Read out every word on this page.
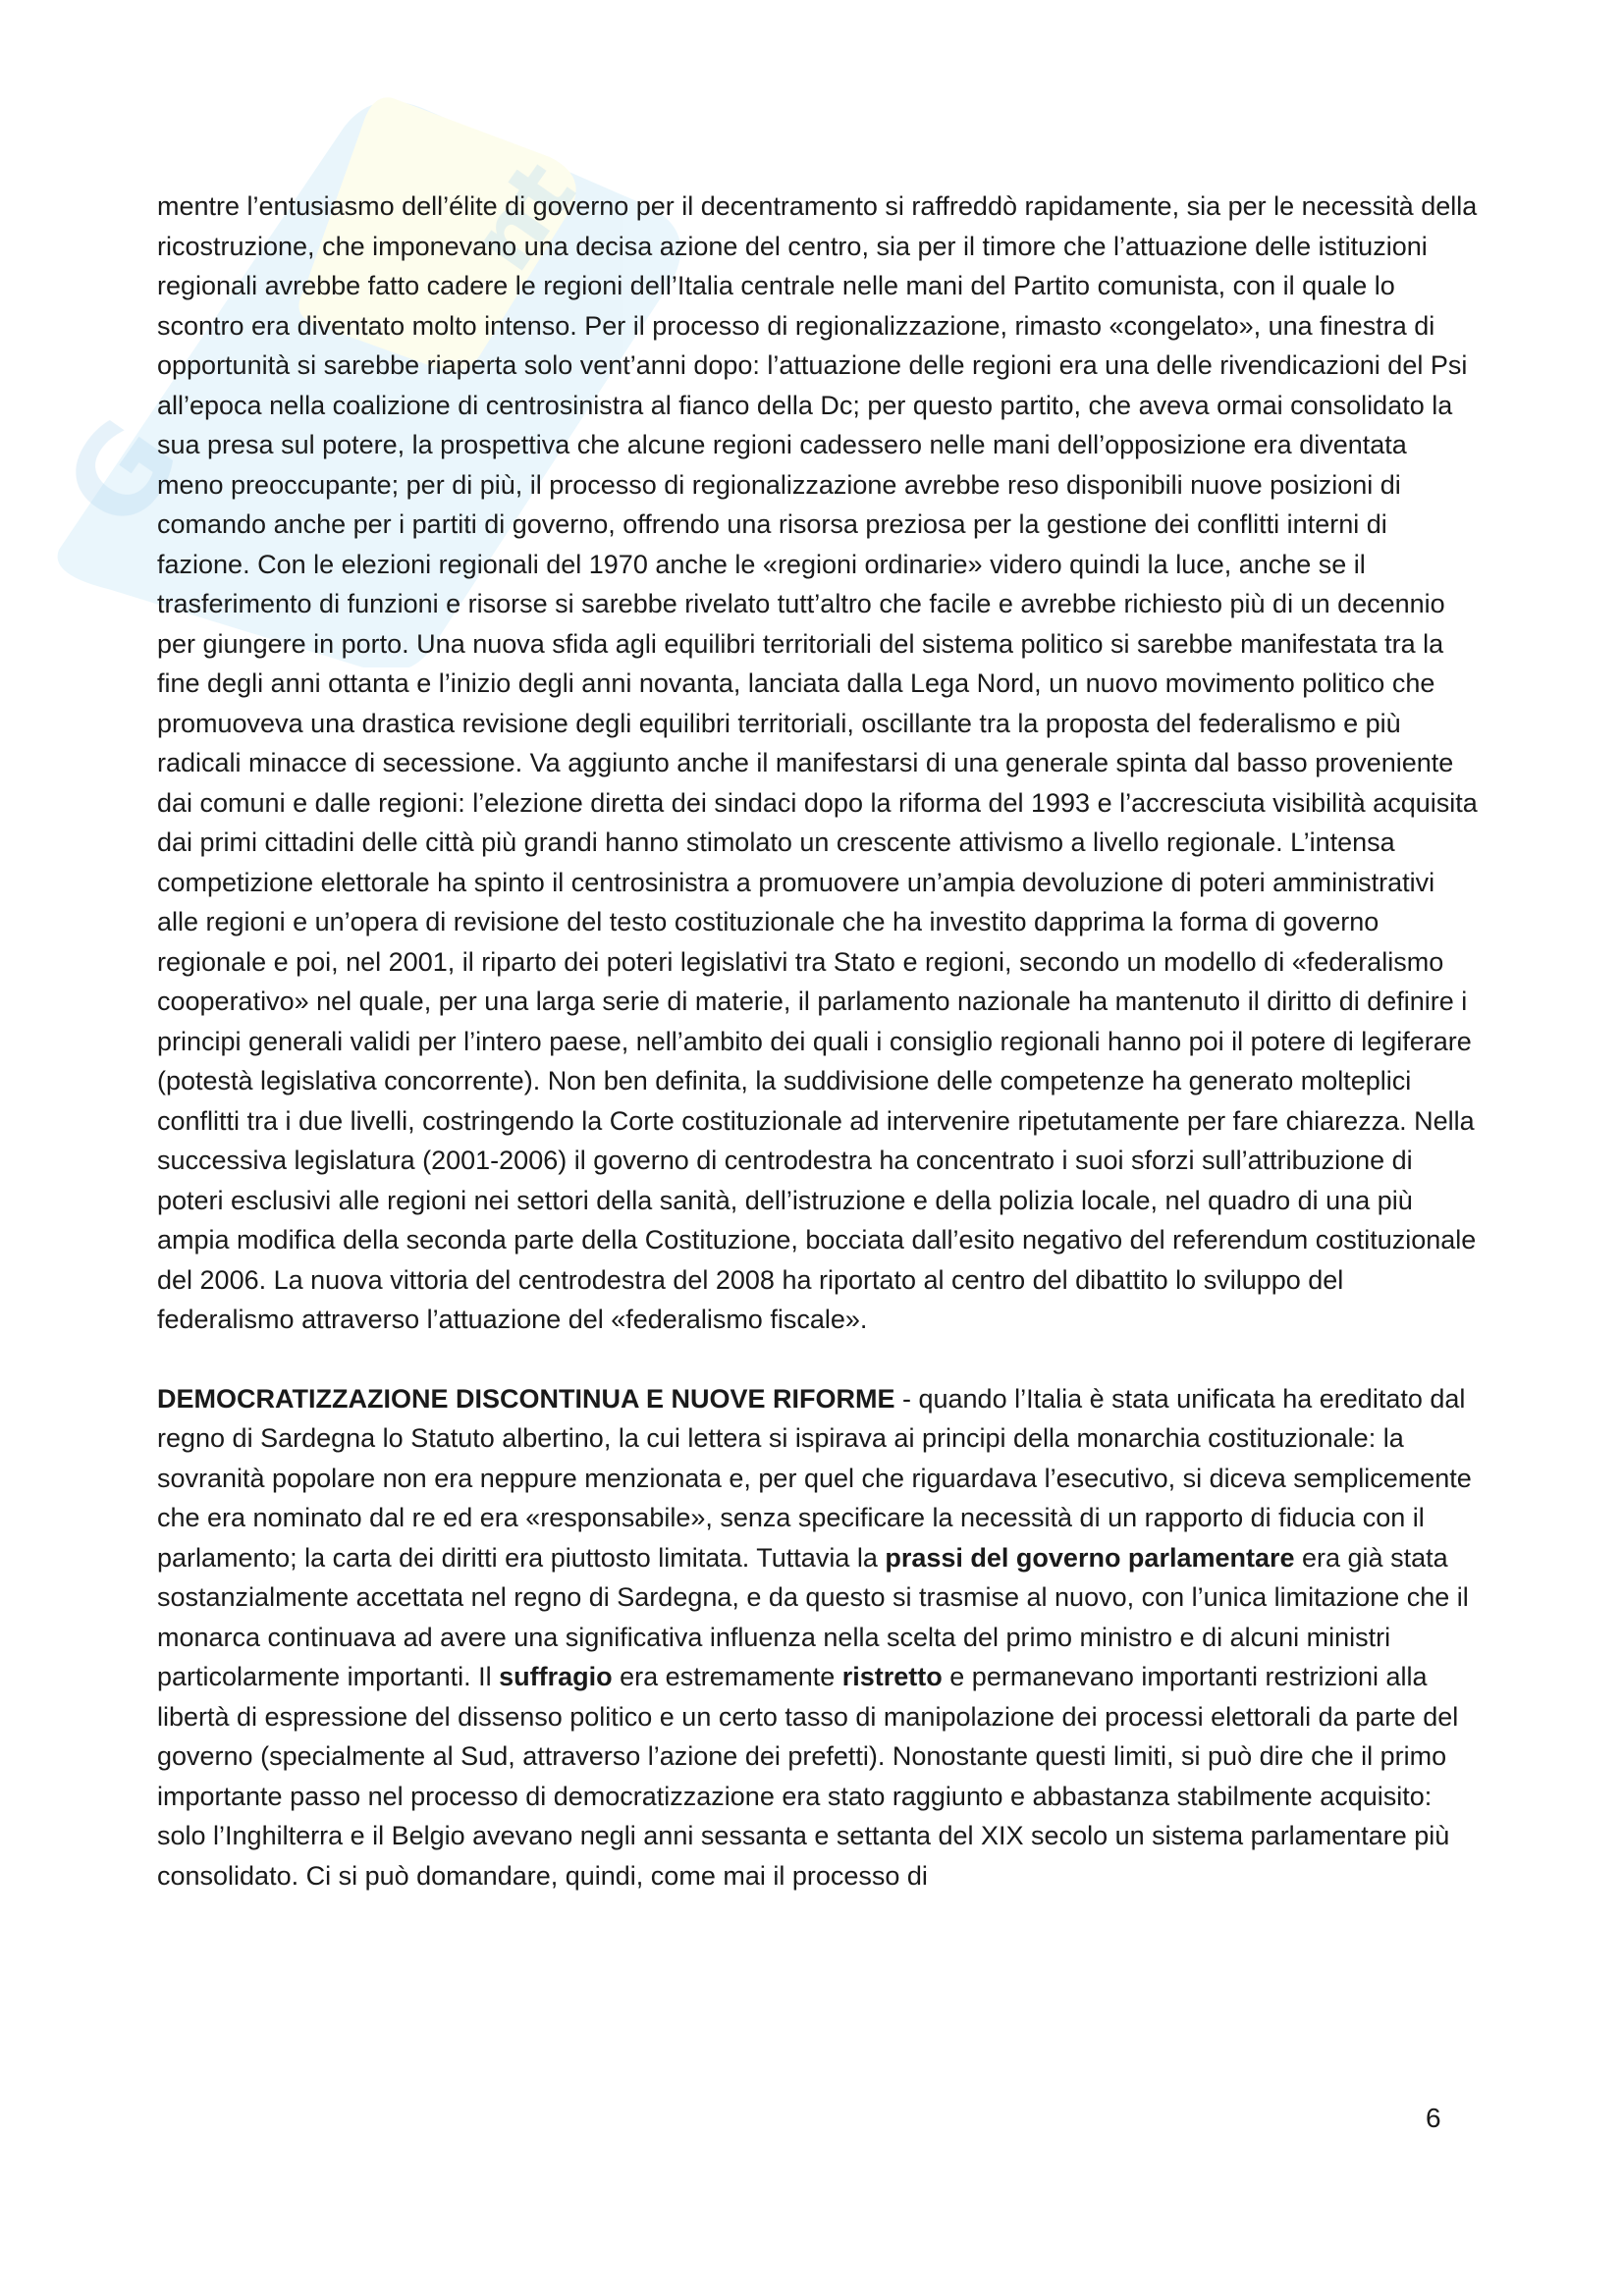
G
nt

mentre l’entusiasmo dell’élite di governo per il decentramento si raffreddò rapidamente, sia per le necessità della ricostruzione, che imponevano una decisa azione del centro, sia per il timore che l’attuazione delle istituzioni regionali avrebbe fatto cadere le regioni dell’Italia centrale nelle mani del Partito comunista, con il quale lo scontro era diventato molto intenso. Per il processo di regionalizzazione, rimasto «congelato», una finestra di opportunità si sarebbe riaperta solo vent’anni dopo: l’attuazione delle regioni era una delle rivendicazioni del Psi all’epoca nella coalizione di centrosinistra al fianco della Dc; per questo partito, che aveva ormai consolidato la sua presa sul potere, la prospettiva che alcune regioni cadessero nelle mani dell’opposizione era diventata meno preoccupante; per di più, il processo di regionalizzazione avrebbe reso disponibili nuove posizioni di comando anche per i partiti di governo, offrendo una risorsa preziosa per la gestione dei conflitti interni di fazione. Con le elezioni regionali del 1970 anche le «regioni ordinarie» videro quindi la luce, anche se il trasferimento di funzioni e risorse si sarebbe rivelato tutt’altro che facile e avrebbe richiesto più di un decennio per giungere in porto. Una nuova sfida agli equilibri territoriali del sistema politico si sarebbe manifestata tra la fine degli anni ottanta e l’inizio degli anni novanta, lanciata dalla Lega Nord, un nuovo movimento politico che promuoveva una drastica revisione degli equilibri territoriali, oscillante tra la proposta del federalismo e più radicali minacce di secessione. Va aggiunto anche il manifestarsi di una generale spinta dal basso proveniente dai comuni e dalle regioni: l’elezione diretta dei sindaci dopo la riforma del 1993 e l’accresciuta visibilità acquisita dai primi cittadini delle città più grandi hanno stimolato un crescente attivismo a livello regionale. L’intensa competizione elettorale ha spinto il centrosinistra a promuovere un’ampia devoluzione di poteri amministrativi alle regioni e un’opera di revisione del testo costituzionale che ha investito dapprima la forma di governo regionale e poi, nel 2001, il riparto dei poteri legislativi tra Stato e regioni, secondo un modello di «federalismo cooperativo» nel quale, per una larga serie di materie, il parlamento nazionale ha mantenuto il diritto di definire i principi generali validi per l’intero paese, nell’ambito dei quali i consiglio regionali hanno poi il potere di legiferare (potestà legislativa concorrente). Non ben definita, la suddivisione delle competenze ha generato molteplici conflitti tra i due livelli, costringendo la Corte costituzionale ad intervenire ripetutamente per fare chiarezza. Nella successiva legislatura (2001-2006) il governo di centrodestra ha concentrato i suoi sforzi sull’attribuzione di poteri esclusivi alle regioni nei settori della sanità, dell’istruzione e della polizia locale, nel quadro di una più ampia modifica della seconda parte della Costituzione, bocciata dall’esito negativo del referendum costituzionale del 2006. La nuova vittoria del centrodestra del 2008 ha riportato al centro del dibattito lo sviluppo del federalismo attraverso l’attuazione del «federalismo fiscale».

DEMOCRATIZZAZIONE DISCONTINUA E NUOVE RIFORME - quando l’Italia è stata unificata ha ereditato dal regno di Sardegna lo Statuto albertino, la cui lettera si ispirava ai principi della monarchia costituzionale: la sovranità popolare non era neppure menzionata e, per quel che riguardava l’esecutivo, si diceva semplicemente che era nominato dal re ed era «responsabile», senza specificare la necessità di un rapporto di fiducia con il parlamento; la carta dei diritti era piuttosto limitata. Tuttavia la prassi del governo parlamentare era già stata sostanzialmente accettata nel regno di Sardegna, e da questo si trasmise al nuovo, con l’unica limitazione che il monarca continuava ad avere una significativa influenza nella scelta del primo ministro e di alcuni ministri particolarmente importanti. Il suffragio era estremamente ristretto e permanevano importanti restrizioni alla libertà di espressione del dissenso politico e un certo tasso di manipolazione dei processi elettorali da parte del governo (specialmente al Sud, attraverso l’azione dei prefetti). Nonostante questi limiti, si può dire che il primo importante passo nel processo di democratizzazione era stato raggiunto e abbastanza stabilmente acquisito: solo l’Inghilterra e il Belgio avevano negli anni sessanta e settanta del XIX secolo un sistema parlamentare più consolidato. Ci si può domandare, quindi, come mai il processo di

6
